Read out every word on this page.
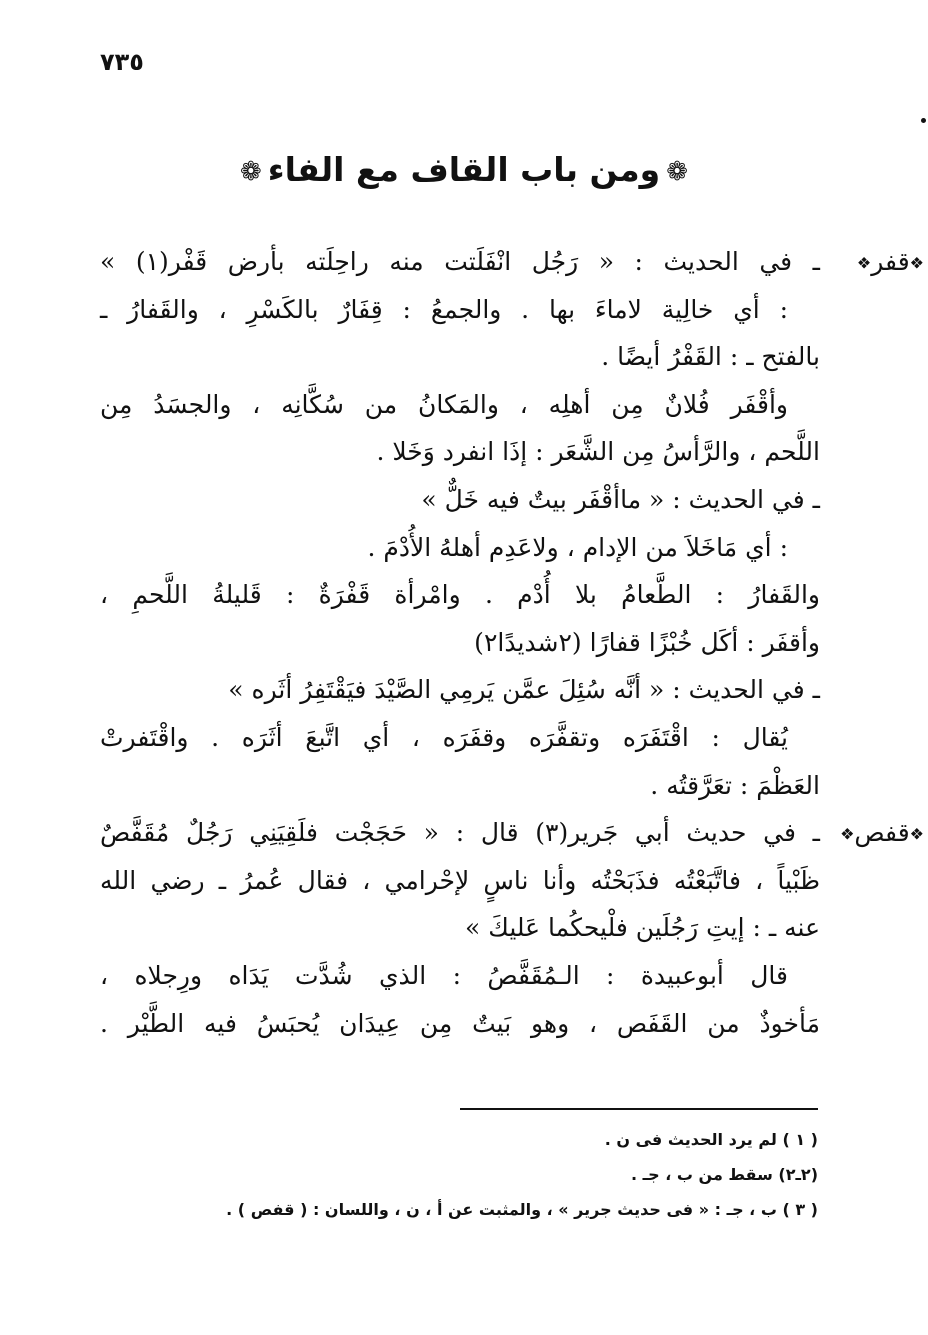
٧٣٥
❁ومن باب القاف مع الفاء❁
❖قفر❖
ـ في الحديث : « رَجُل انْفَلَتت منه راحِلَته بأرض قَفْر(١) »
: أي خالِية لاماءَ بها . والجمعُ : قِفَارٌ بالكَسْرِ ، والقَفارُ ـ
بالفتح ـ : القَفْرُ أيضًا .
وأقْفَر فُلانٌ مِن أهلِه ، والمَكانُ من سُكَّانِه ، والجسَدُ مِن
اللَّحم ، والرَّأسُ مِن الشَّعَر : إذَا انفرد وَخَلا .
ـ في الحديث : « ماأقْفَر بيتٌ فيه خَلٌّ »
: أي مَاخَلاَ من الإدام ، ولاعَدِم أهلهُ الأُدْمَ .
والقَفارُ : الطَّعامُ بلا أُدْم . وامْرأة قَفْرَةٌ : قَليلةُ اللَّحمِ ،
وأقفَر : أكَل خُبْزًا قفارًا (٢شديدًا٢)
ـ في الحديث : « أنَّه سُئِلَ عمَّن يَرمِي الصَّيْدَ فيَقْتَفِرُ أثَره »
يُقال : اقْتَفَرَه وتقفَّرَه وقفَرَه ، أي اتَّبعَ أثَرَه . واقْتَفرتْ
العَظْمَ : تعَرَّقتُه .
❖قفص❖
ـ في حديث أبي جَرير(٣) قال : « حَجَجْت فلَقِيَنِي رَجُلٌ مُقَفَّصٌ
ظَبْياً ، فاتَّبَعْتُه فذَبَحْتُه وأنا ناسٍ لإحْرامي ، فقال عُمرُ ـ رضي الله
عنه ـ : إيتِ رَجُلَين فلْيحكُما عَليكَ »
قال أبوعبيدة : الـمُقَفَّصُ : الذي شُدَّت يَدَاه ورِجلاه ،
مَأخوذٌ من القَفَص ، وهو بَيتٌ مِن عِيدَان يُحبَسُ فيه الطَّيْر .
( ١ ) لم يرد الحديث فى ن .
(٢ـ٢) سقط من ب ، جـ .
( ٣ ) ب ، جـ : « فى حديث جرير » ، والمثبت عن أ ، ن ، واللسان : ( قفص ) .
